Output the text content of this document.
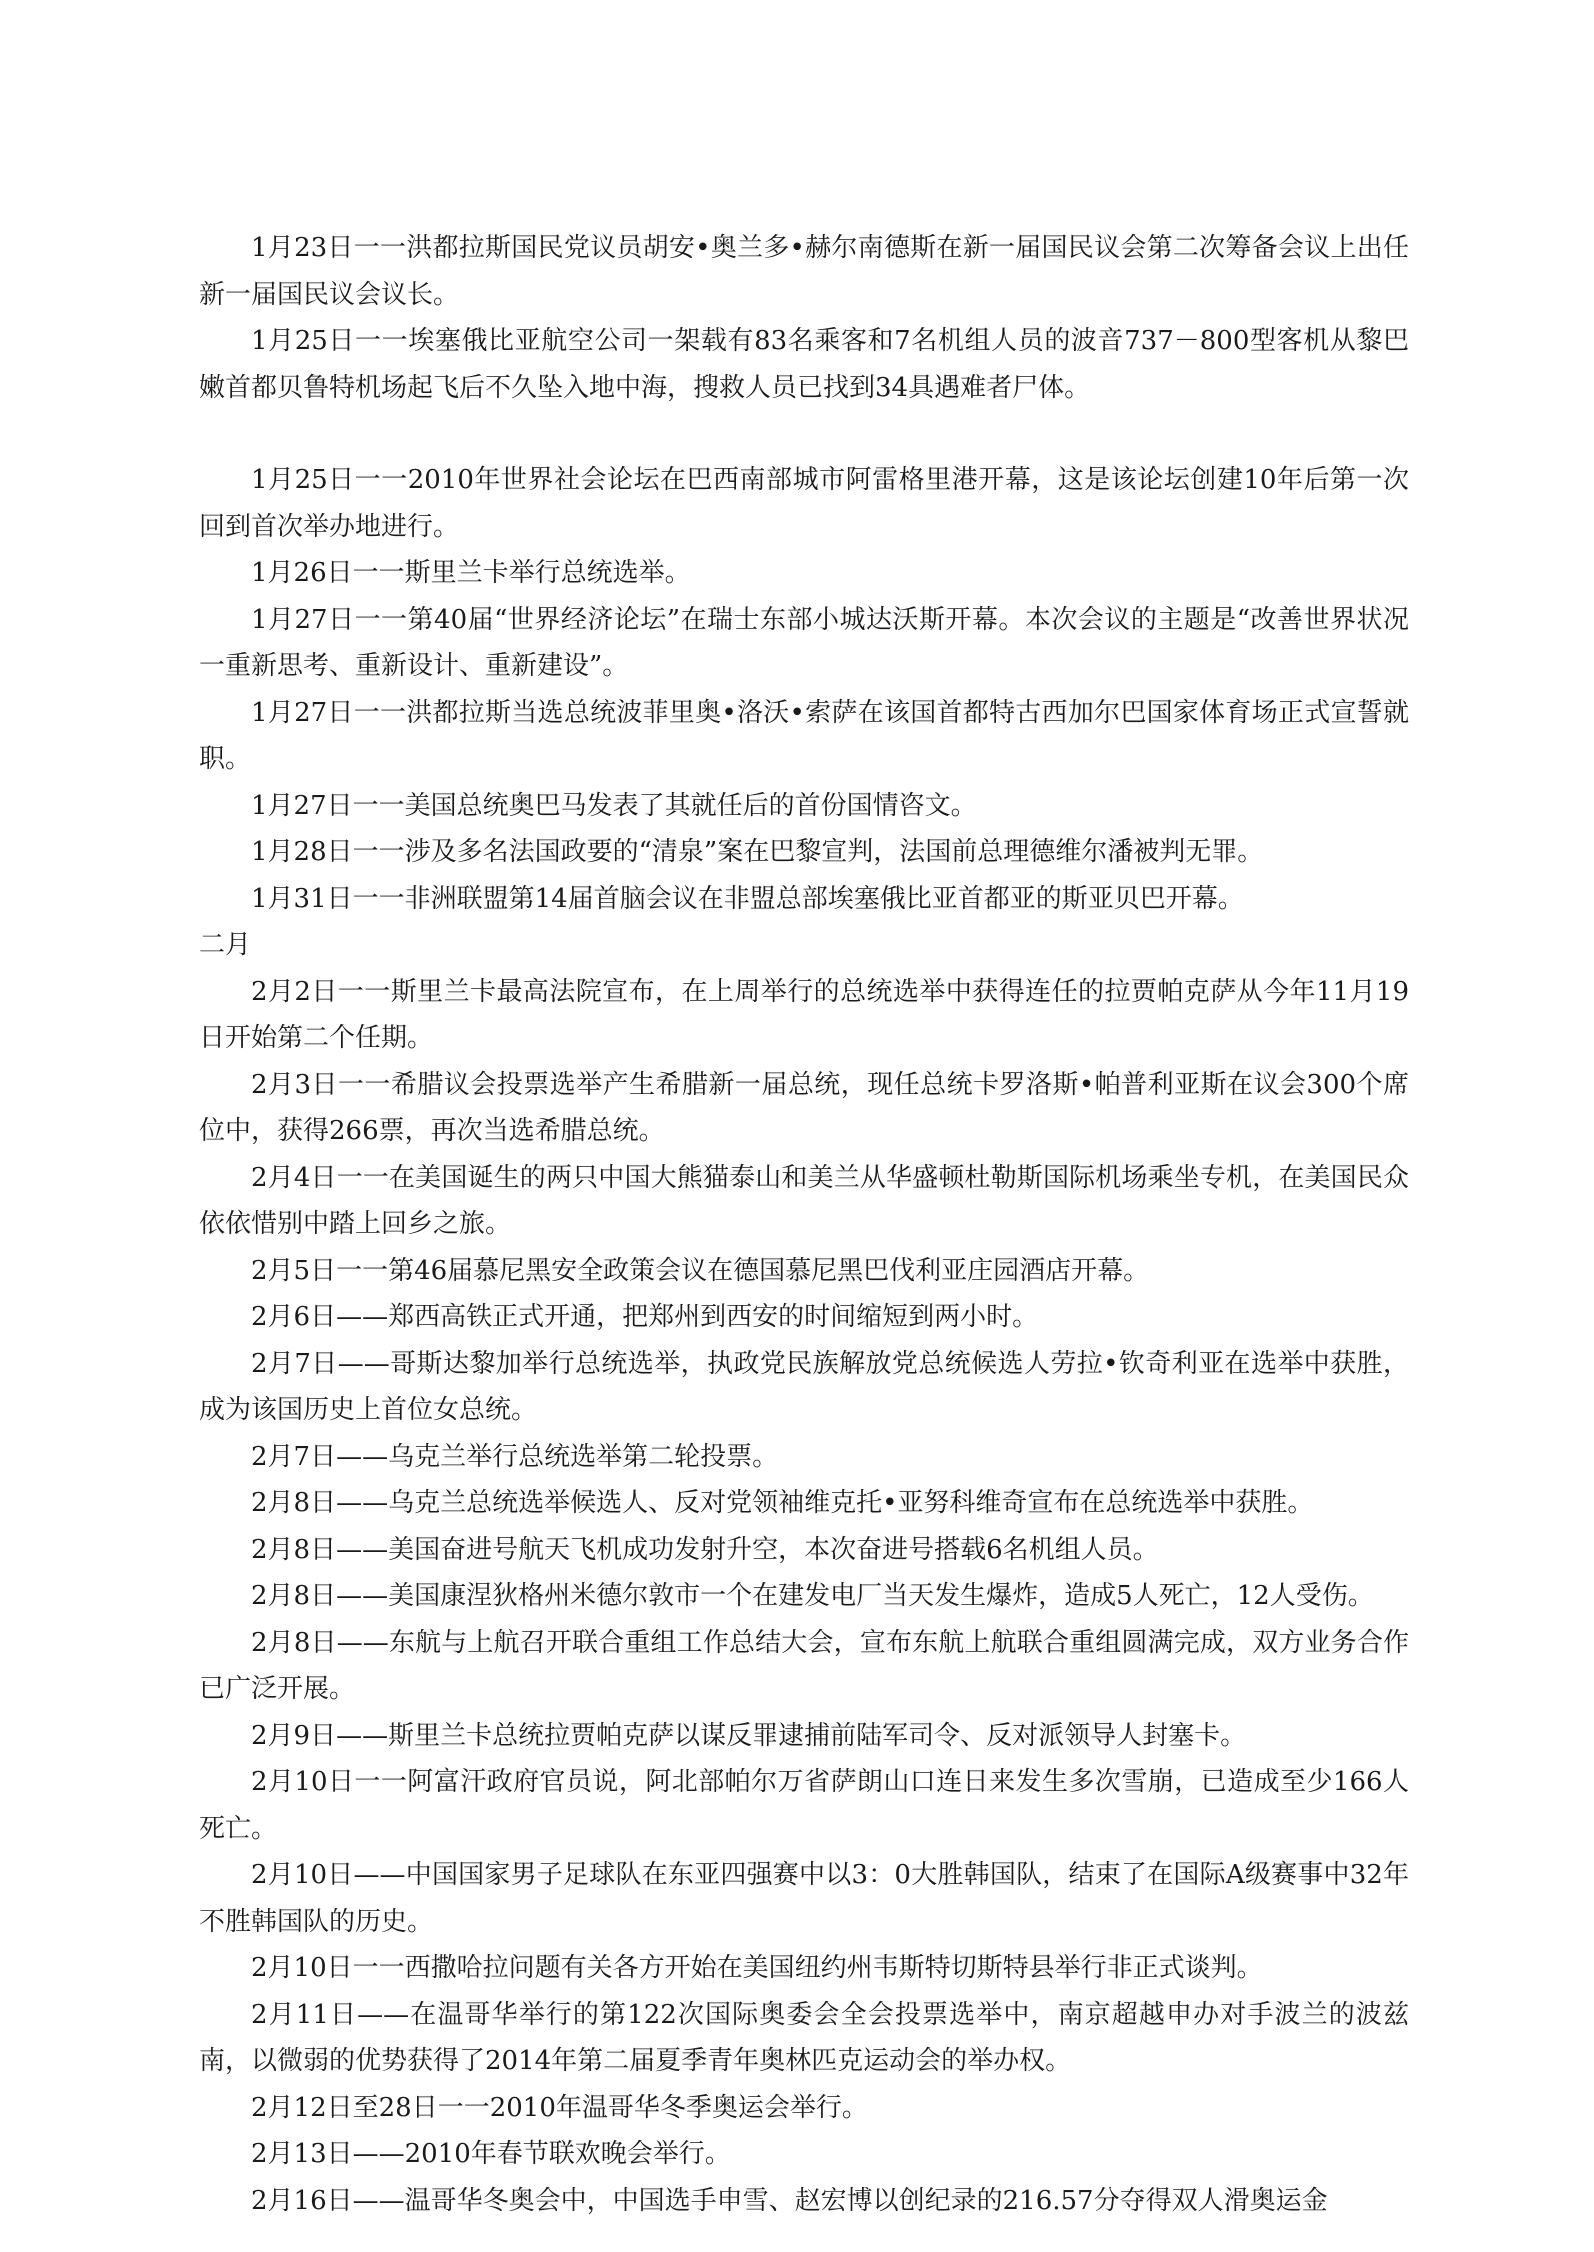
1月23日一一洪都拉斯国民党议员胡安•奥兰多•赫尔南德斯在新一届国民议会第二次筹备会议上出任新一届国民议会议长。

1月25日一一埃塞俄比亚航空公司一架载有83名乘客和7名机组人员的波音737－800型客机从黎巴嫩首都贝鲁特机场起飞后不久坠入地中海，搜救人员已找到34具遇难者尸体。

1月25日一一2010年世界社会论坛在巴西南部城市阿雷格里港开幕，这是该论坛创建10年后第一次回到首次举办地进行。

1月26日一一斯里兰卡举行总统选举。

1月27日一一第40届“世界经济论坛”在瑞士东部小城达沃斯开幕。本次会议的主题是“改善世界状况一重新思考、重新设计、重新建设”。

1月27日一一洪都拉斯当选总统波菲里奥•洛沃•索萨在该国首都特古西加尔巴国家体育场正式宣誓就职。

1月27日一一美国总统奥巴马发表了其就任后的首份国情咨文。

1月28日一一涉及多名法国政要的“清泉”案在巴黎宣判，法国前总理德维尔潘被判无罪。

1月31日一一非洲联盟第14届首脑会议在非盟总部埃塞俄比亚首都亚的斯亚贝巴开幕。

二月

2月2日一一斯里兰卡最高法院宣布，在上周举行的总统选举中获得连任的拉贾帕克萨从今年11月19日开始第二个任期。

2月3日一一希腊议会投票选举产生希腊新一届总统，现任总统卡罗洛斯•帕普利亚斯在议会300个席位中，获得266票，再次当选希腊总统。

2月4日一一在美国诞生的两只中国大熊猫泰山和美兰从华盛顿杜勒斯国际机场乘坐专机，在美国民众依依惜别中踏上回乡之旅。

2月5日一一第46届慕尼黑安全政策会议在德国慕尼黑巴伐利亚庄园酒店开幕。

2月6日——郑西高铁正式开通，把郑州到西安的时间缩短到两小时。

2月7日——哥斯达黎加举行总统选举，执政党民族解放党总统候选人劳拉•钦奇利亚在选举中获胜，成为该国历史上首位女总统。

2月7日——乌克兰举行总统选举第二轮投票。

2月8日——乌克兰总统选举候选人、反对党领袖维克托•亚努科维奇宣布在总统选举中获胜。

2月8日——美国奋进号航天飞机成功发射升空，本次奋进号搭载6名机组人员。

2月8日——美国康涅狄格州米德尔敦市一个在建发电厂当天发生爆炸，造成5人死亡，12人受伤。

2月8日——东航与上航召开联合重组工作总结大会，宣布东航上航联合重组圆满完成，双方业务合作已广泛开展。

2月9日——斯里兰卡总统拉贾帕克萨以谋反罪逮捕前陆军司令、反对派领导人封塞卡。

2月10日一一阿富汗政府官员说，阿北部帕尔万省萨朗山口连日来发生多次雪崩，已造成至少166人死亡。

2月10日——中国国家男子足球队在东亚四强赛中以3：0大胜韩国队，结束了在国际A级赛事中32年不胜韩国队的历史。

2月10日一一西撒哈拉问题有关各方开始在美国纽约州韦斯特切斯特县举行非正式谈判。

2月11日——在温哥华举行的第122次国际奥委会全会投票选举中，南京超越申办对手波兰的波兹南，以微弱的优势获得了2014年第二届夏季青年奥林匹克运动会的举办权。

2月12日至28日一一2010年温哥华冬季奥运会举行。

2月13日——2010年春节联欢晚会举行。

2月16日——温哥华冬奥会中，中国选手申雪、赵宏博以创纪录的216.57分夺得双人滑奥运金
